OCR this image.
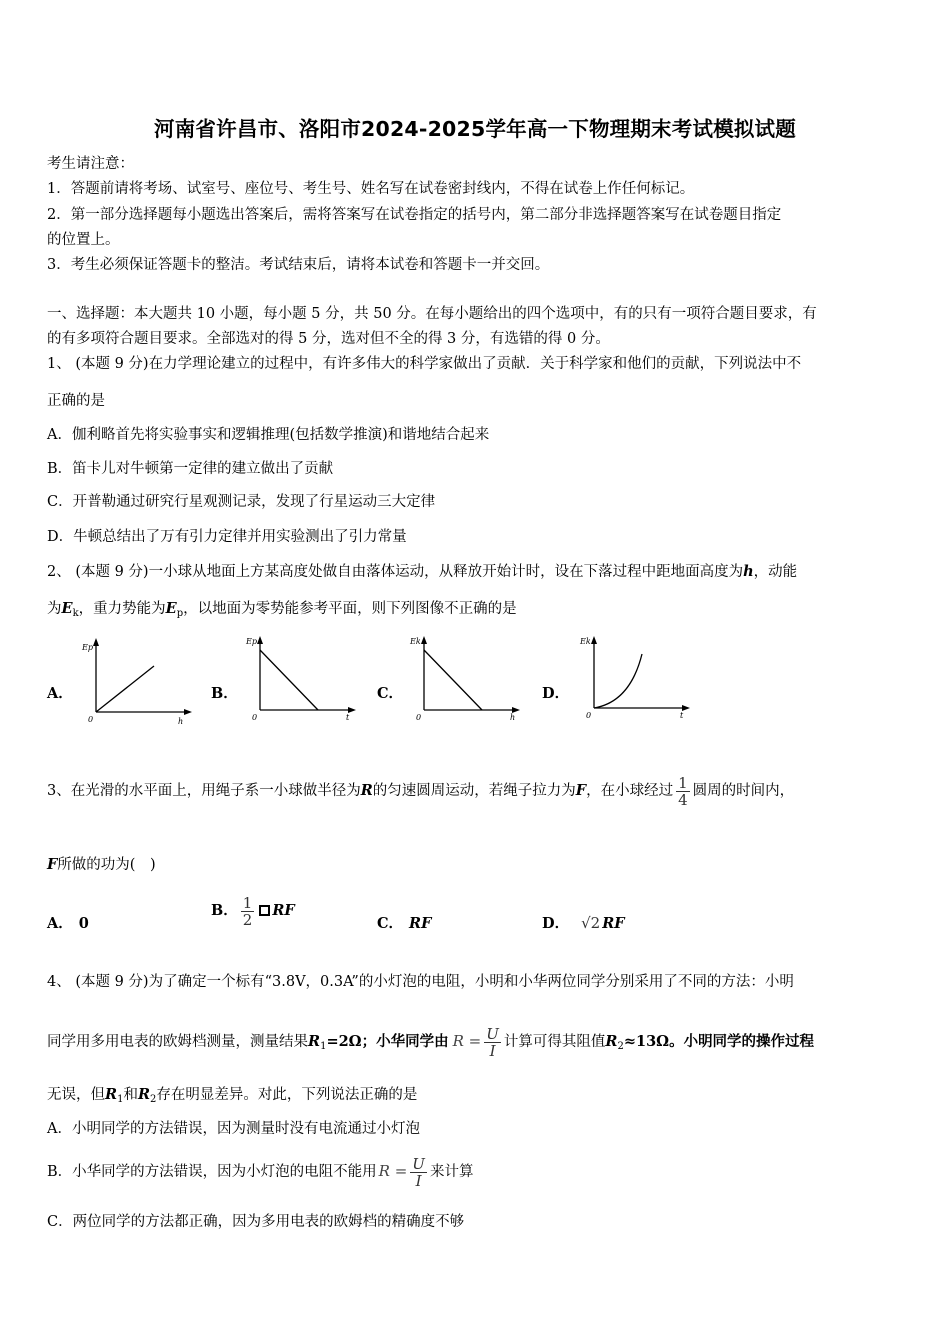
河南省许昌市、洛阳市2024-2025学年高一下物理期末考试模拟试题
考生请注意：
1．答题前请将考场、试室号、座位号、考生号、姓名写在试卷密封线内，不得在试卷上作任何标记。
2．第一部分选择题每小题选出答案后，需将答案写在试卷指定的括号内，第二部分非选择题答案写在试卷题目指定
的位置上。
3．考生必须保证答题卡的整洁。考试结束后，请将本试卷和答题卡一并交回。
一、选择题：本大题共 10 小题，每小题 5 分，共 50 分。在每小题给出的四个选项中，有的只有一项符合题目要求，有
的有多项符合题目要求。全部选对的得 5 分，选对但不全的得 3 分，有选错的得 0 分。
1、 (本题 9 分)在力学理论建立的过程中，有许多伟大的科学家做出了贡献．关于科学家和他们的贡献，下列说法中不
正确的是
A．伽利略首先将实验事实和逻辑推理(包括数学推演)和谐地结合起来
B．笛卡儿对牛顿第一定律的建立做出了贡献
C．开普勒通过研究行星观测记录，发现了行星运动三大定律
D．牛顿总结出了万有引力定律并用实验测出了引力常量
2、 (本题 9 分)一小球从地面上方某高度处做自由落体运动，从释放开始计时，设在下落过程中距地面高度为h，动能
为$E_k$，重力势能为$E_p$，以地面为零势能参考平面，则下列图像不正确的是
A．
Ep
0	h
B．
Ep
0	t
C．
Ek
0	h
D．
Ek
0	t
3、在光滑的水平面上，用绳子系一小球做半径为R的匀速圆周运动，若绳子拉力为F，在小球经过 $\frac{1}{4}$ 圆周的时间内，
F所做的功为(　)
A． 0
B． $\frac{1}{2}$ RF
C． RF	D． √2 RF
4、 (本题 9 分)为了确定一个标有“3.8V，0.3A”的小灯泡的电阻，小明和小华两位同学分别采用了不同的方法：小明
同学用多用电表的欧姆档测量，测量结果$R_1=2\Omega$；小华同学由 $R = \frac{U}{I}$ 计算可得其阻值$R_2\approx 13\Omega$。小明同学的操作过程
无误，但$R_1$和$R_2$存在明显差异。对此，下列说法正确的是
A．小明同学的方法错误，因为测量时没有电流通过小灯泡
B．小华同学的方法错误，因为小灯泡的电阻不能用 $R = \frac{U}{I}$ 来计算
C．两位同学的方法都正确，因为多用电表的欧姆档的精确度不够
